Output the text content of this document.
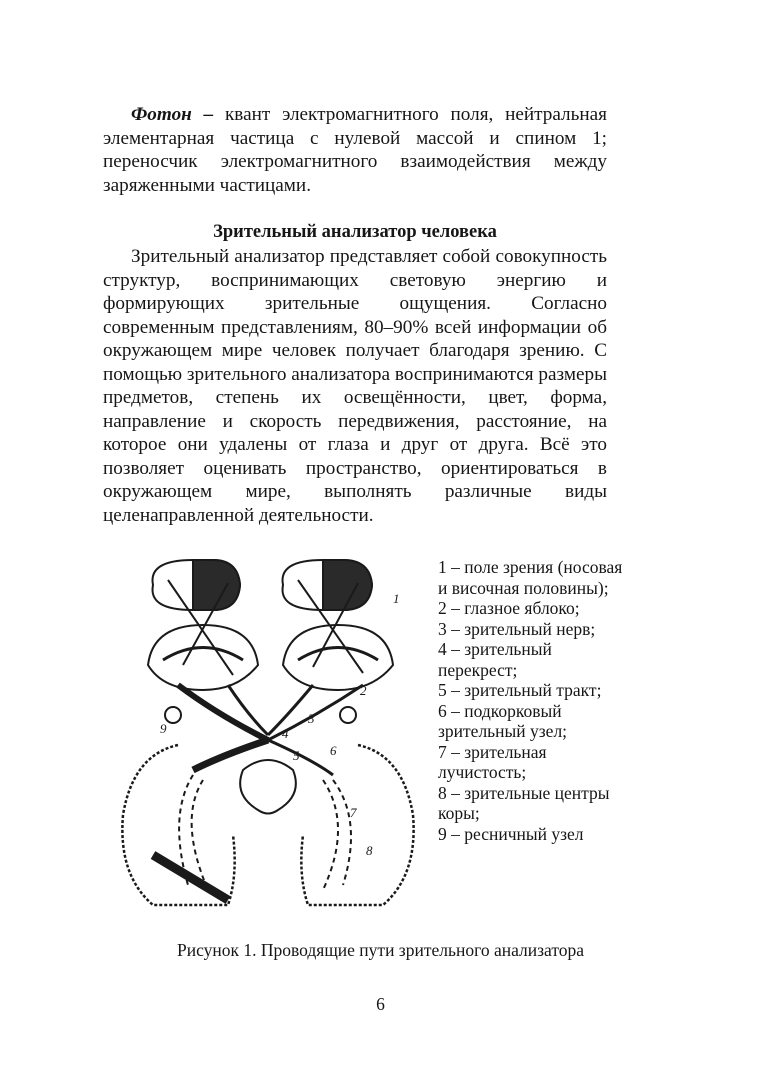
Фотон – квант электромагнитного поля, нейтральная элементарная частица с нулевой массой и спином 1; переносчик электромагнитного взаимодействия между заряженными частицами.

Зрительный анализатор человека

Зрительный анализатор представляет собой совокупность структур, воспринимающих световую энергию и формирующих зрительные ощущения. Согласно современным представлениям, 80–90% всей информации об окружающем мире человек получает благодаря зрению. С помощью зрительного анализатора воспринимаются размеры предметов, степень их освещённости, цвет, форма, направление и скорость передвижения, расстояние, на которое они удалены от глаза и друг от друга. Всё это позволяет оценивать пространство, ориентироваться в окружающем мире, выполнять различные виды целенаправленной деятельности.

1
2
3
4
5 6
7
8
9
1 – поле зрения (носовая и височная половины);
2 – глазное яблоко;
3 – зрительный нерв;
4 – зрительный перекрест;
5 – зрительный тракт;
6 – подкорковый зрительный узел;
7 – зрительная лучистость;
8 – зрительные центры коры;
9 – ресничный узел

Рисунок 1. Проводящие пути зрительного анализатора

6
